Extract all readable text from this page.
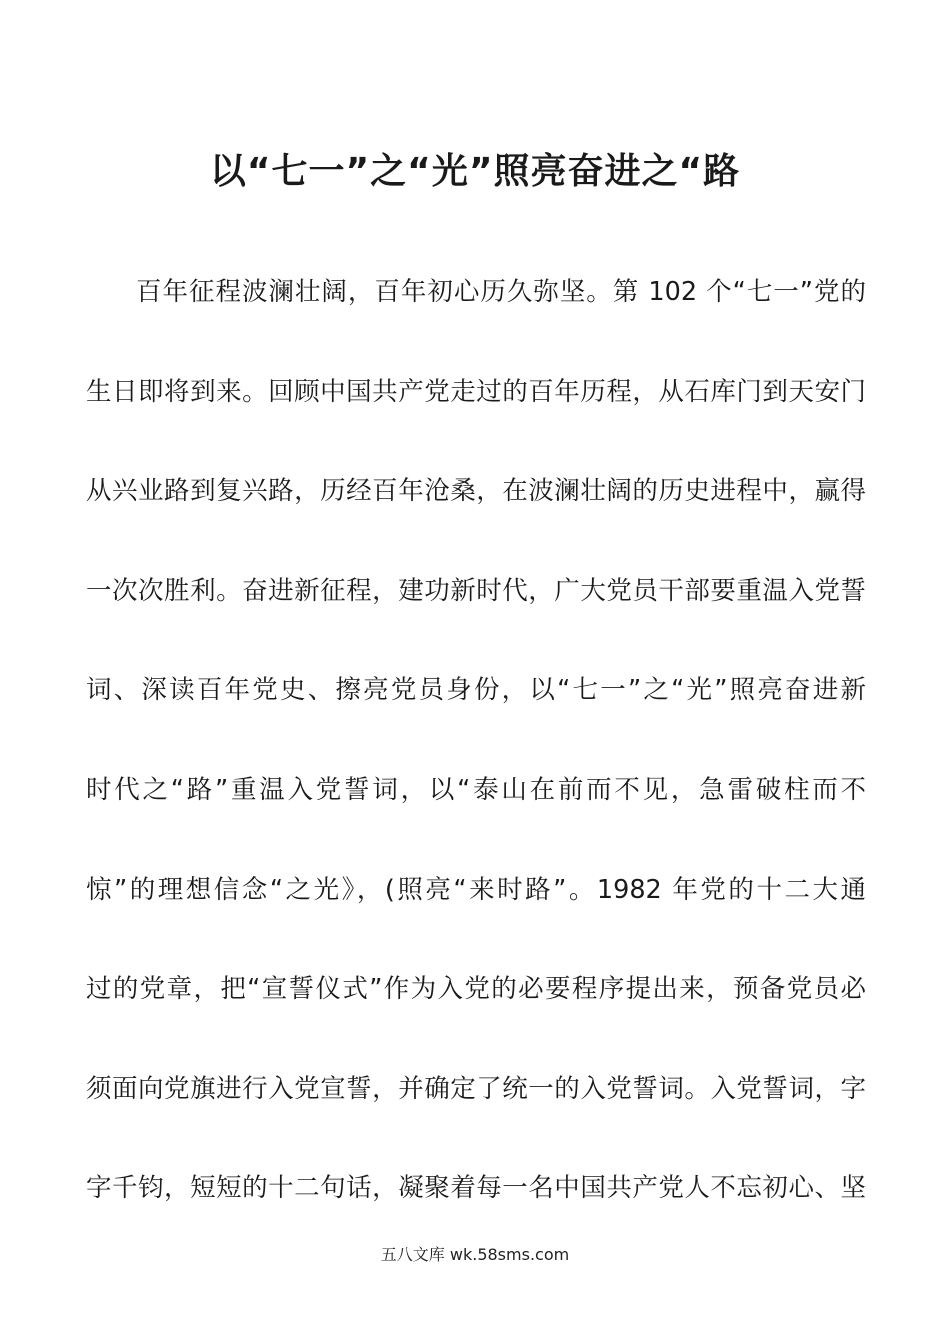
以“七一”之“光”照亮奋进之“路
百年征程波澜壮阔，百年初心历久弥坚。第 102 个“七一”党的
生日即将到来。回顾中国共产党走过的百年历程，从石库门到天安门
从兴业路到复兴路，历经百年沧桑，在波澜壮阔的历史进程中，赢得
一次次胜利。奋进新征程，建功新时代，广大党员干部要重温入党誓
词、深读百年党史、擦亮党员身份，以“七一”之“光”照亮奋进新
时代之“路”重温入党誓词，以“泰山在前而不见，急雷破柱而不
惊”的理想信念“之光》，(照亮“来时路”。1982 年党的十二大通
过的党章，把“宣誓仪式”作为入党的必要程序提出来，预备党员必
须面向党旗进行入党宣誓，并确定了统一的入党誓词。入党誓词，字
字千钧，短短的十二句话，凝聚着每一名中国共产党人不忘初心、坚
五八文库 wk.58sms.com
